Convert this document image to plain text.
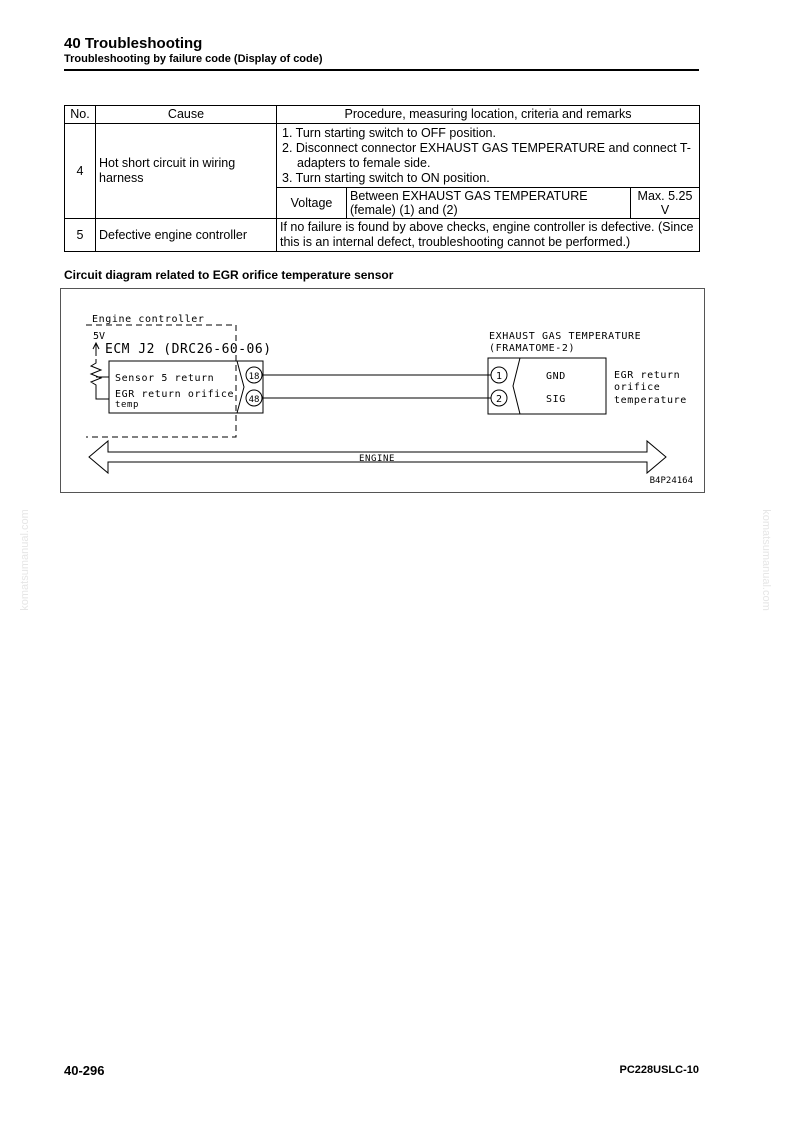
40 Troubleshooting
Troubleshooting by failure code (Display of code)
No.	Cause	Procedure, measuring location, criteria and remarks
4	Hot short circuit in wiring harness	
1. Turn starting switch to OFF position.
2. Disconnect connector EXHAUST GAS TEMPERATURE and connect T-adapters to female side.
3. Turn starting switch to ON position.
Voltage	Between EXHAUST GAS TEMPERATURE (female) (1) and (2)	Max. 5.25 V

5	Defective engine controller	If no failure is found by above checks, engine controller is defective. (Since this is an internal defect, troubleshooting cannot be performed.)
Circuit diagram related to EGR orifice temperature sensor
Engine controller
5V
ECM J2 (DRC26-60-06)
Sensor 5 return
EGR return orifice
temp
18
48
EXHAUST GAS TEMPERATURE
(FRAMATOME-2)
1
2
GND
SIG
EGR return
orifice
temperature
ENGINE
B4P24164
komatsumanual.com	komatsumanual.com
40-296	PC228USLC-10
